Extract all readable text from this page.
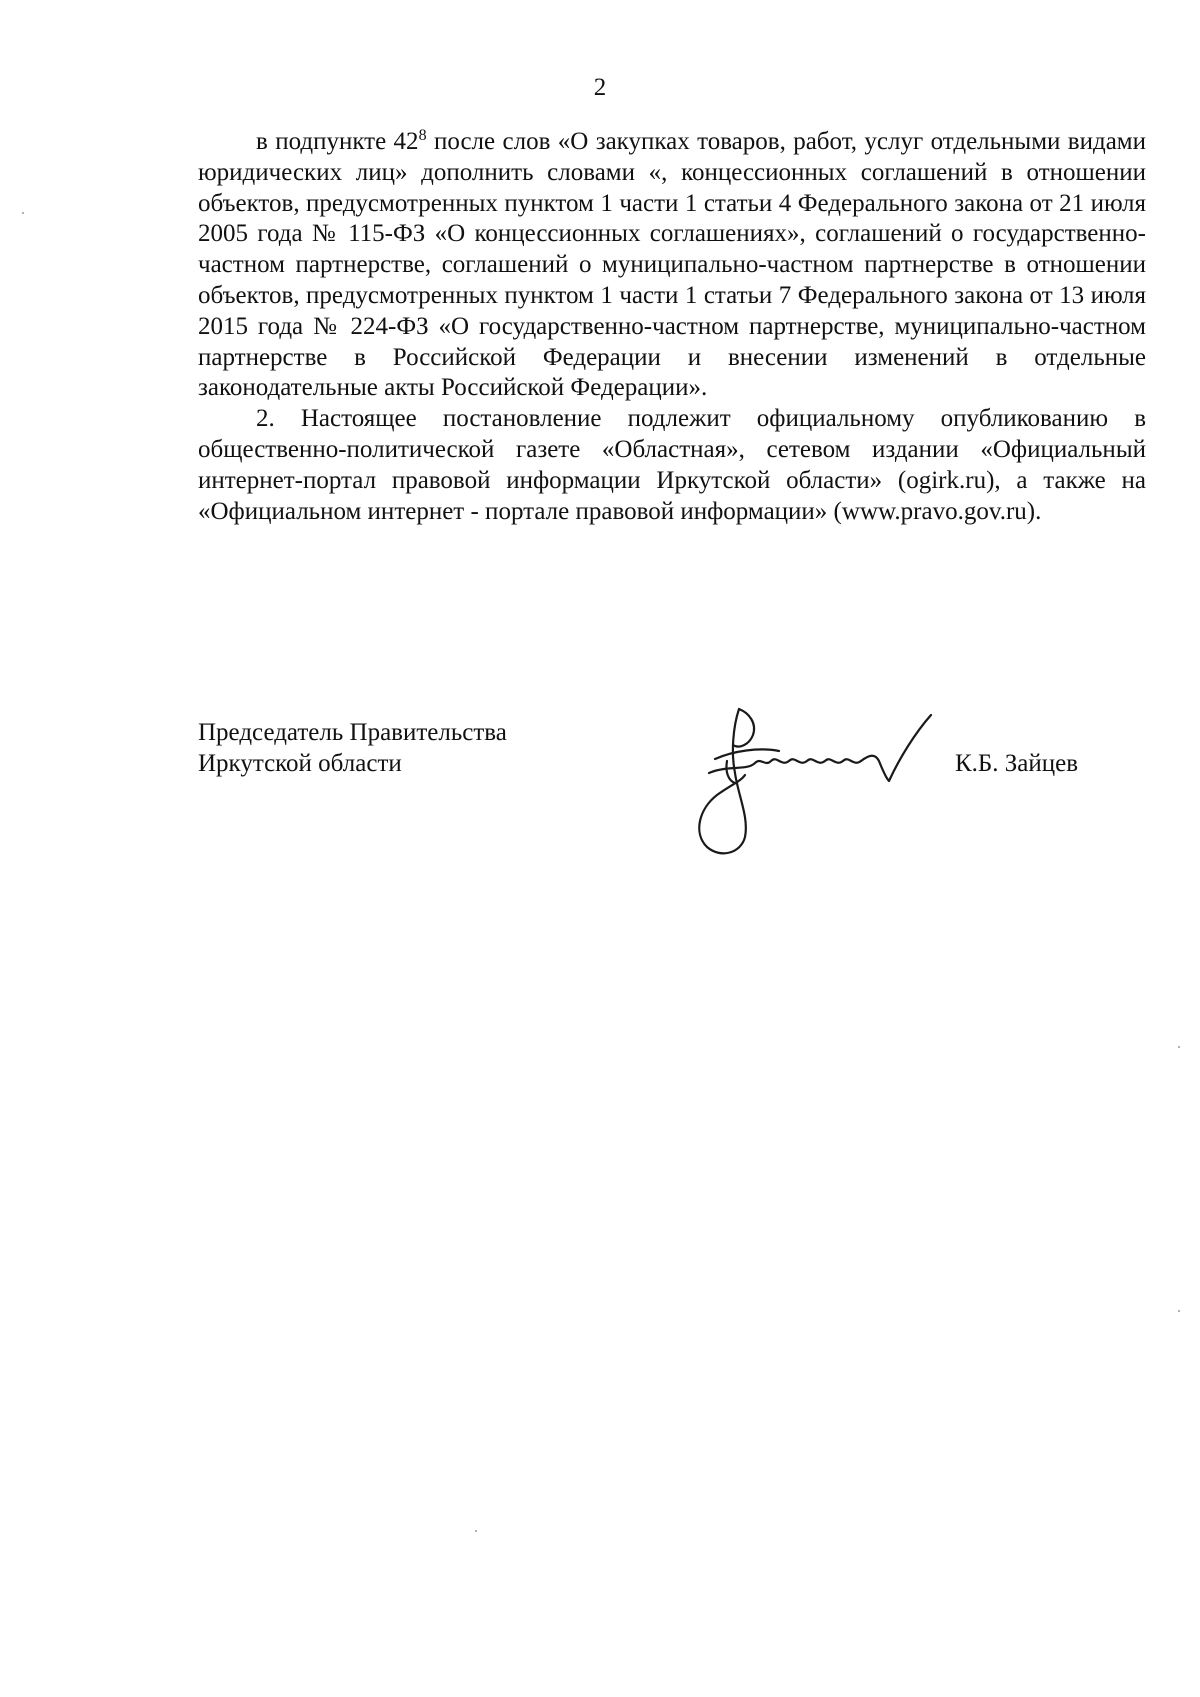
2

в подпункте $42^8$ после слов «О закупках товаров, работ, услуг отдельными видами юридических лиц» дополнить словами «, концессионных соглашений в отношении объектов, предусмотренных пунктом 1 части 1 статьи 4 Федерального закона от 21 июля 2005 года № 115-ФЗ «О концессионных соглашениях», соглашений о государственно-частном партнерстве, соглашений о муниципально-частном партнерстве в отношении объектов, предусмотренных пунктом 1 части 1 статьи 7 Федерального закона от 13 июля 2015 года № 224-ФЗ «О государственно-частном партнерстве, муниципально-частном партнерстве в Российской Федерации и внесении изменений в отдельные законодательные акты Российской Федерации».

2. Настоящее постановление подлежит официальному опубликованию в общественно-политической газете «Областная», сетевом издании «Официальный интернет-портал правовой информации Иркутской области» (ogirk.ru), а также на «Официальном интернет - портале правовой информации» (www.pravo.gov.ru).

Председатель Правительства
Иркутской области	К.Б. Зайцев
